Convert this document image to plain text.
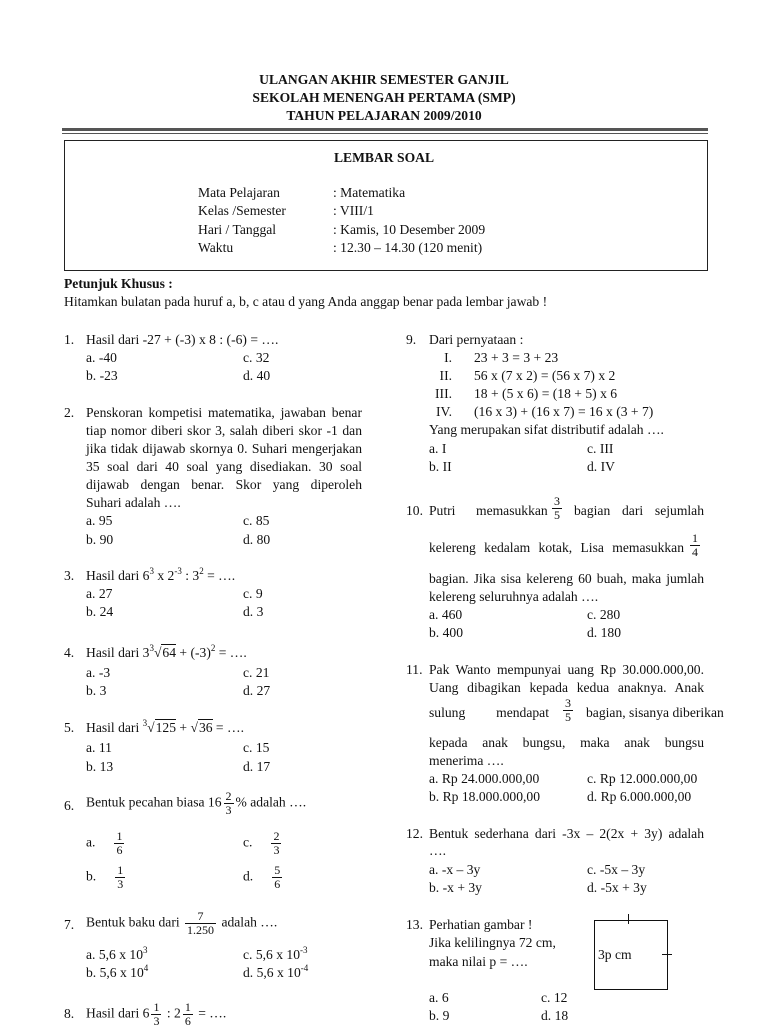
ULANGAN AKHIR SEMESTER GANJIL
SEKOLAH MENENGAH PERTAMA (SMP)
TAHUN PELAJARAN 2009/2010
LEMBAR SOAL
Mata Pelajaran	: Matematika
Kelas /Semester	: VIII/1
Hari / Tanggal	: Kamis, 10 Desember 2009
Waktu	: 12.30 – 14.30 (120 menit)
Petunjuk Khusus :
Hitamkan bulatan pada huruf a, b, c atau d yang Anda anggap benar pada lembar jawab !
1. Hasil dari -27 + (-3) x 8 : (-6) = ….
a. -40	c. 32
b. -23	d. 40
2. Penskoran kompetisi matematika, jawaban benar
tiap nomor diberi skor 3, salah diberi skor -1 dan
jika tidak dijawab skornya 0. Suhari mengerjakan
35 soal dari 40 soal yang disediakan. 30 soal
dijawab dengan benar. Skor yang diperoleh
Suhari adalah ….
a. 95	c. 85
b. 90	d. 80
3. Hasil dari $6^3$ x $2^{-3}$ : $3^2$ = ….
a. 27	c. 9
b. 24	d. 3
4. Hasil dari $3^3√64 + (-3)^2$ = ….
a. -3	c. 21
b. 3	d. 27
5. Hasil dari $^3$√125 + √36 = ….
a. 11	c. 15
b. 13	d. 17
6. Bentuk pecahan biasa $16 \frac{2}{3}$ % adalah ….
a. $\frac{1}{6}$	c. $\frac{2}{3}$
b. $\frac{1}{3}$	d. $\frac{5}{6}$
7. Bentuk baku dari $\frac{7}{1.250}$ adalah ….
a. 5,6 x $10^3$	c. 5,6 x $10^{-3}$
b. 5,6 x $10^4$	d. 5,6 x $10^{-4}$
8. Hasil dari $6 \frac{1}{3}$ : $2 \frac{1}{6}$ = ….
9. Dari pernyataan :
I. 23 + 3 = 3 + 23
II. 56 x (7 x 2) = (56 x 7) x 2
III. 18 + (5 x 6) = (18 + 5) x 6
IV. (16 x 3) + (16 x 7) = 16 x (3 + 7)
Yang merupakan sifat distributif adalah ….
a. I	c. III
b. II	d. IV
10. Putri memasukkan $\frac{3}{5}$ bagian dari sejumlah
kelereng kedalam kotak, Lisa memasukkan $\frac{1}{4}$
bagian. Jika sisa kelereng 60 buah, maka jumlah
kelereng seluruhnya adalah ….
a. 460	c. 280
b. 400	d. 180
11. Pak Wanto mempunyai uang Rp 30.000.000,00.
Uang dibagikan kepada kedua anaknya. Anak
sulung mendapat $\frac{3}{5}$ bagian, sisanya diberikan
kepada anak bungsu, maka anak bungsu
menerima ….
a. Rp 24.000.000,00	c. Rp 12.000.000,00
b. Rp 18.000.000,00	d. Rp 6.000.000,00
12. Bentuk sederhana dari -3x – 2(2x + 3y) adalah
….
a. -x – 3y	c. -5x – 3y
b. -x + 3y	d. -5x + 3y
13. Perhatian gambar !
Jika kelilingnya 72 cm,
maka nilai p = ….	3p cm
a. 6	c. 12
b. 9	d. 18
